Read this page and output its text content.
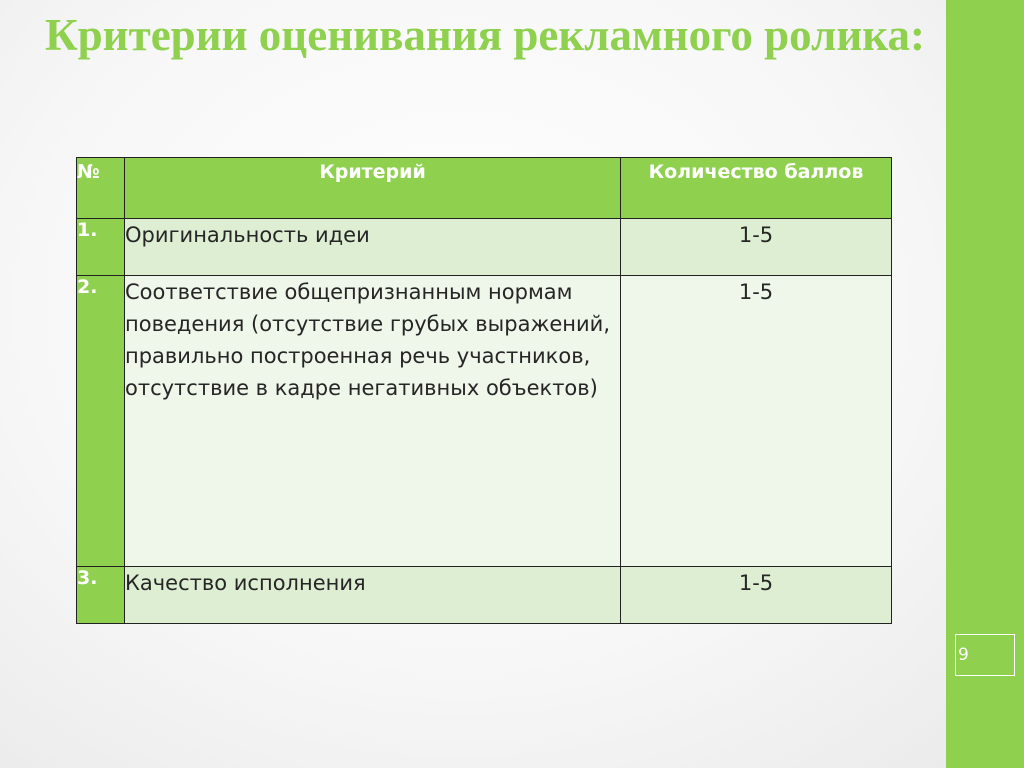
9
Критерии оценивания рекламного ролика:
№	Критерий	Количество баллов
1.	Оригинальность идеи	1-5
2.	Соответствие общепризнанным нормам поведения (отсутствие грубых выражений, правильно построенная речь участников, отсутствие в кадре негативных объектов)	1-5
3.	Качество исполнения	1-5
